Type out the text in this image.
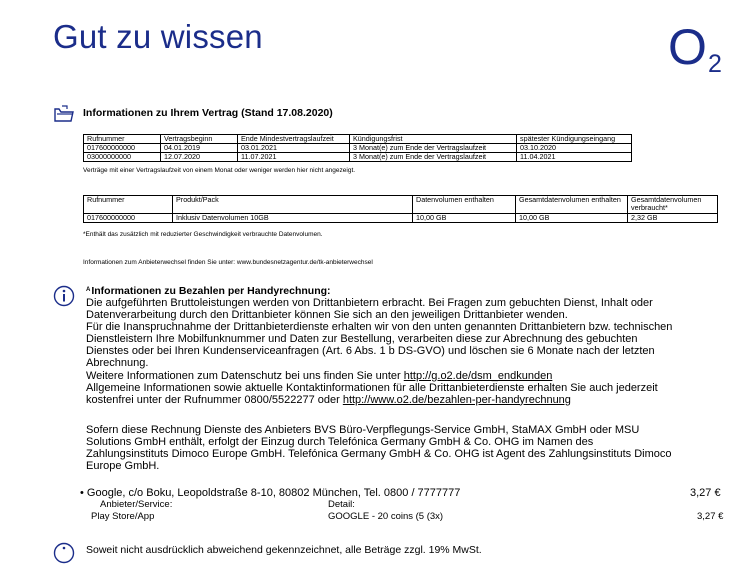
Gut zu wissen	O 2
Informationen zu Ihrem Vertrag (Stand 17.08.2020)
Rufnummer	Vertragsbeginn	Ende Mindestvertragslaufzeit	Kündigungsfrist	spätester Kündigungseingang
017600000000	04.01.2019	03.01.2021	3 Monat(e) zum Ende der Vertragslaufzeit	03.10.2020
03000000000	12.07.2020	11.07.2021	3 Monat(e) zum Ende der Vertragslaufzeit	11.04.2021
Verträge mit einer Vertragslaufzeit von einem Monat oder weniger werden hier nicht angezeigt.
Rufnummer	Produkt/Pack	Datenvolumen enthalten	Gesamtdatenvolumen enthalten	Gesamtdatenvolumen verbraucht*
017600000000	Inklusiv Datenvolumen 10GB	10,00 GB	10,00 GB	2,32 GB
*Enthält das zusätzlich mit reduzierter Geschwindigkeit verbrauchte Datenvolumen.
Informationen zum Anbieterwechsel finden Sie unter: www.bundesnetzagentur.de/tk-anbieterwechsel
$^A$Informationen zu Bezahlen per Handyrechnung:
Die aufgeführten Bruttoleistungen werden von Drittanbietern erbracht. Bei Fragen zum gebuchten Dienst, Inhalt oder
Datenverarbeitung durch den Drittanbieter können Sie sich an den jeweiligen Drittanbieter wenden.
Für die Inanspruchnahme der Drittanbieterdienste erhalten wir von den unten genannten Drittanbietern bzw. technischen
Dienstleistern Ihre Mobilfunknummer und Daten zur Bestellung, verarbeiten diese zur Abrechnung des gebuchten
Dienstes oder bei Ihren Kundenserviceanfragen (Art. 6 Abs. 1 b DS-GVO) und löschen sie 6 Monate nach der letzten
Abrechnung.
Weitere Informationen zum Datenschutz bei uns finden Sie unter http://g.o2.de/dsm_endkunden
Allgemeine Informationen sowie aktuelle Kontaktinformationen für alle Drittanbieterdienste erhalten Sie auch jederzeit
kostenfrei unter der Rufnummer 0800/5522277 oder http://www.o2.de/bezahlen-per-handyrechnung
Sofern diese Rechnung Dienste des Anbieters BVS Büro-Verpflegungs-Service GmbH, StaMAX GmbH oder MSU
Solutions GmbH enthält, erfolgt der Einzug durch Telefónica Germany GmbH & Co. OHG im Namen des
Zahlungsinstituts Dimoco Europe GmbH. Telefónica Germany GmbH & Co. OHG ist Agent des Zahlungsinstituts Dimoco
Europe GmbH.
• Google, c/o Boku, Leopoldstraße 8-10, 80802 München, Tel. 0800 / 7777777	3,27 €
Anbieter/Service:	Detail:
Play Store/App	GOOGLE - 20 coins (5 (3x)	3,27 €
Soweit nicht ausdrücklich abweichend gekennzeichnet, alle Beträge zzgl. 19% MwSt.
